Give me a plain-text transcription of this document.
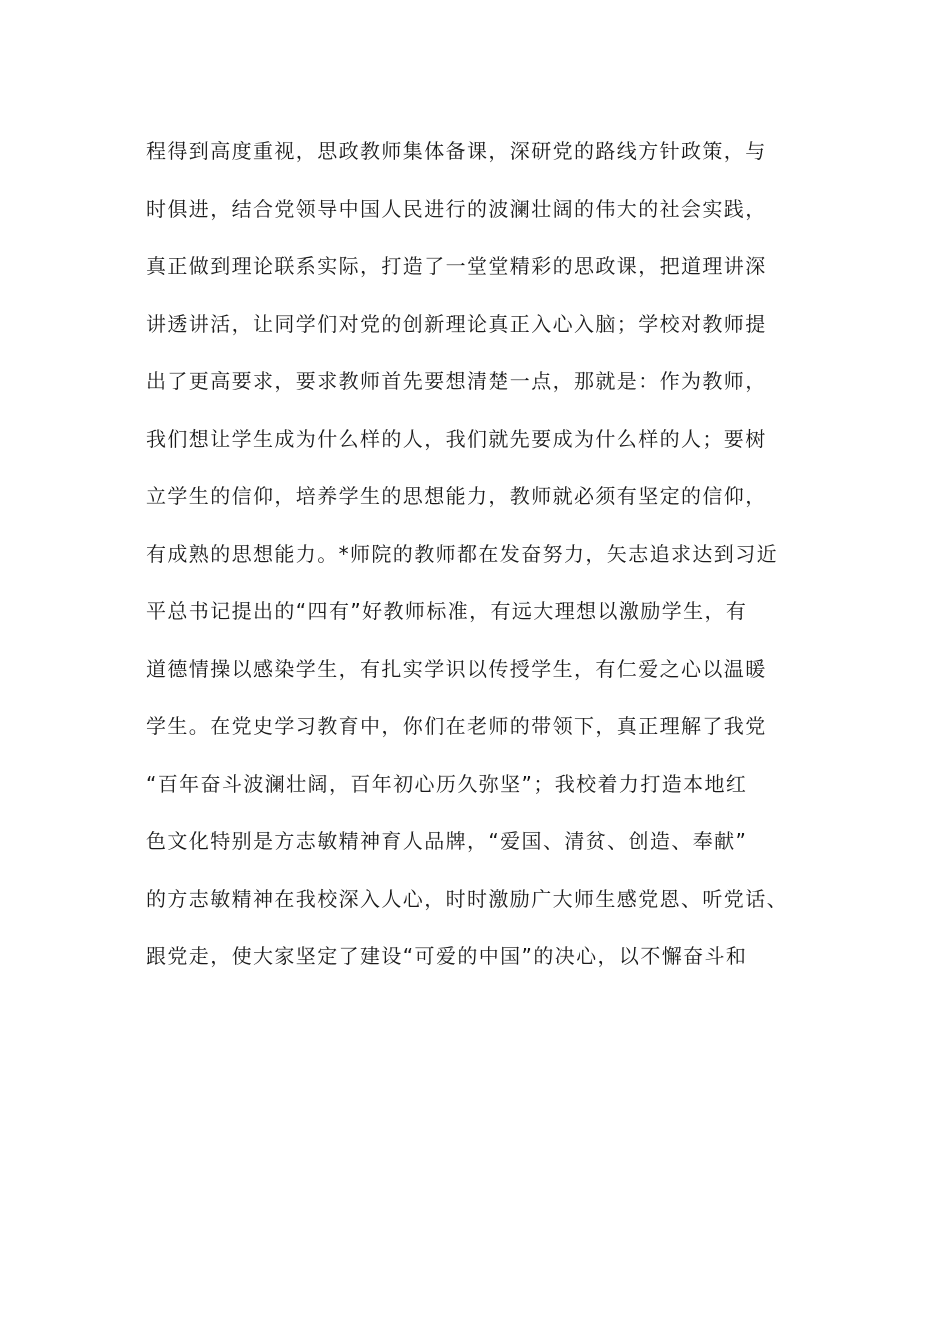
程得到高度重视，思政教师集体备课，深研党的路线方针政策，与
时俱进，结合党领导中国人民进行的波澜壮阔的伟大的社会实践，
真正做到理论联系实际，打造了一堂堂精彩的思政课，把道理讲深
讲透讲活，让同学们对党的创新理论真正入心入脑；学校对教师提
出了更高要求，要求教师首先要想清楚一点，那就是：作为教师，
我们想让学生成为什么样的人，我们就先要成为什么样的人；要树
立学生的信仰，培养学生的思想能力，教师就必须有坚定的信仰，
有成熟的思想能力。*师院的教师都在发奋努力，矢志追求达到习近
平总书记提出的“四有”好教师标准，有远大理想以激励学生，有
道德情操以感染学生，有扎实学识以传授学生，有仁爱之心以温暖
学生。在党史学习教育中，你们在老师的带领下，真正理解了我党
“百年奋斗波澜壮阔，百年初心历久弥坚”；我校着力打造本地红
色文化特别是方志敏精神育人品牌，“爱国、清贫、创造、奉献”
的方志敏精神在我校深入人心，时时激励广大师生感党恩、听党话、
跟党走，使大家坚定了建设“可爱的中国”的决心，以不懈奋斗和
